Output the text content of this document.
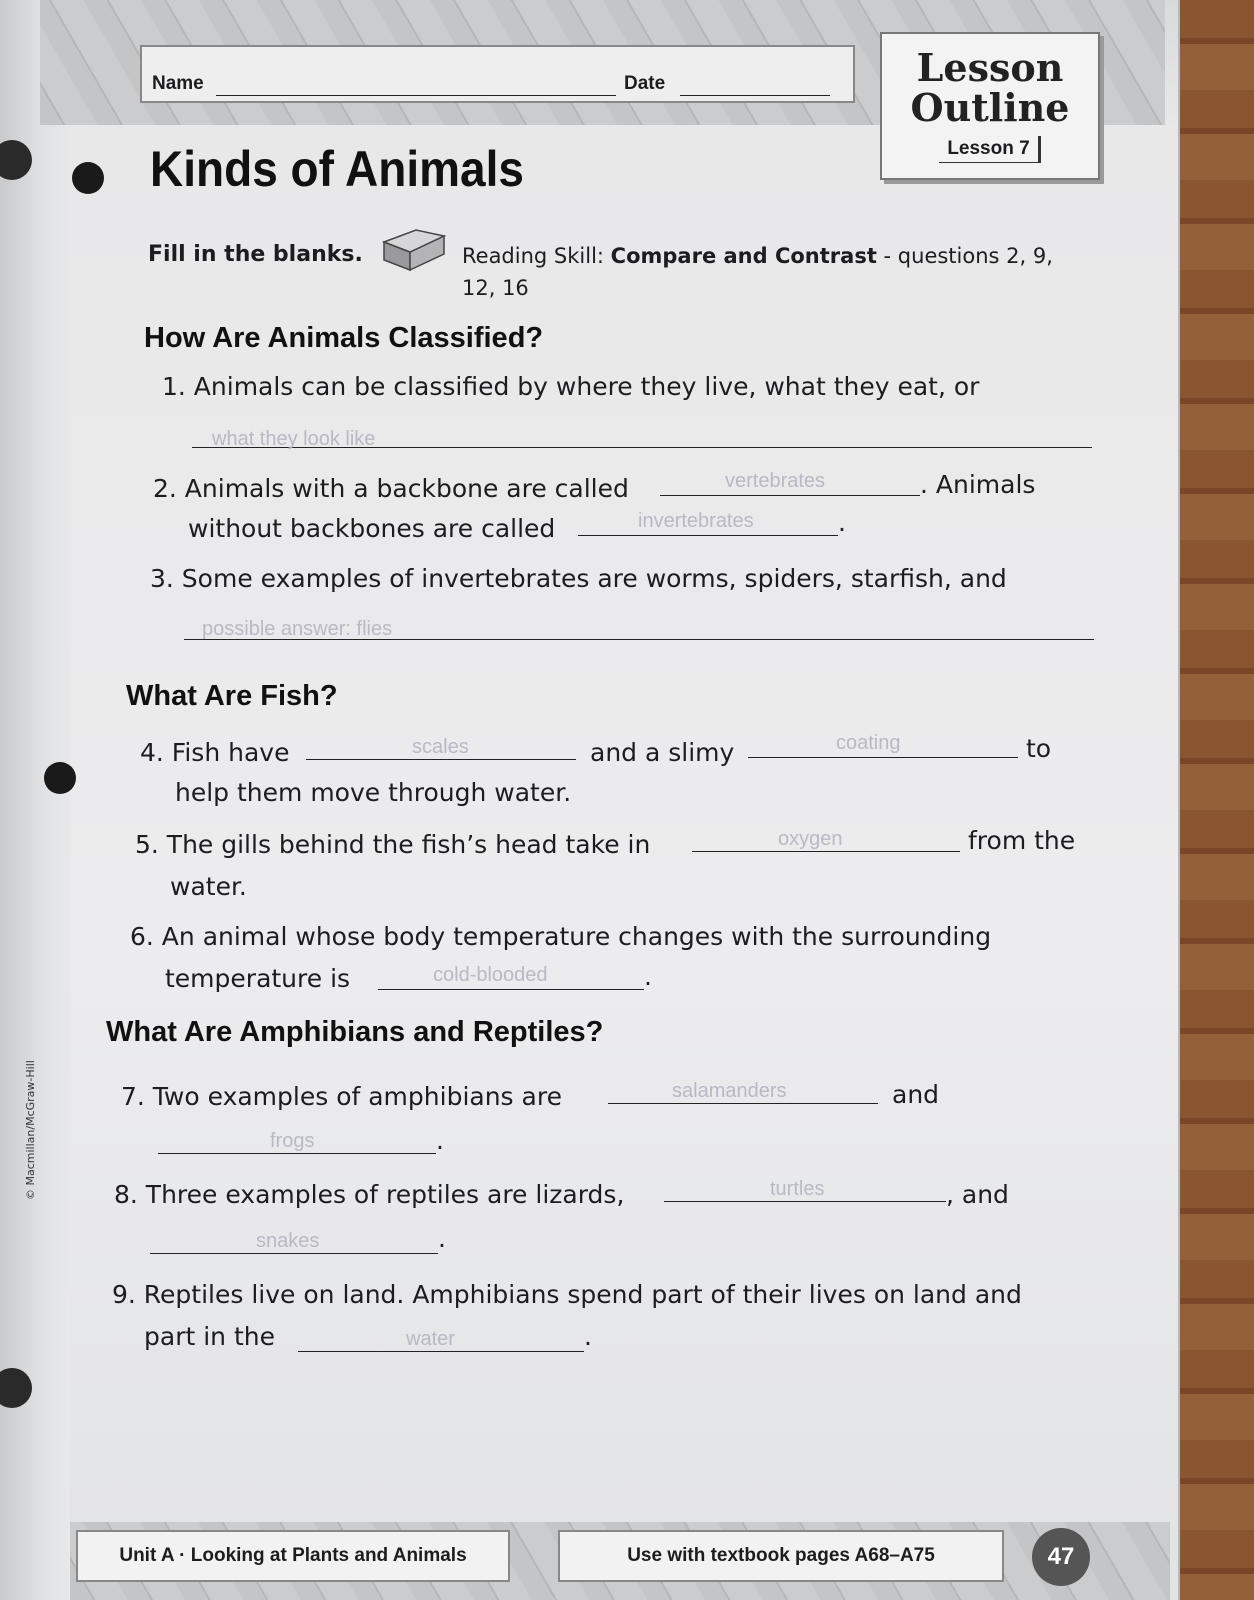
© Macmillan/McGraw-Hill
Name	Date	Lesson
Outline
Lesson 7
Kinds of Animals
Fill in the blanks.	Reading Skill: Compare and Contrast - questions 2, 9,
12, 16
How Are Animals Classified?
1. Animals can be classified by where they live, what they eat, or
what they look like
2. Animals with a backbone are called	vertebrates	. Animals
without backbones are called	invertebrates	.
3. Some examples of invertebrates are worms, spiders, starfish, and
possible answer: flies
What Are Fish?
4. Fish have	scales	and a slimy	coating	to
help them move through water.
5. The gills behind the fish’s head take in	oxygen	from the
water.
6. An animal whose body temperature changes with the surrounding
temperature is	cold-blooded	.
What Are Amphibians and Reptiles?
7. Two examples of amphibians are	salamanders	and
frogs	.
8. Three examples of reptiles are lizards,	turtles	, and
snakes	.
9. Reptiles live on land. Amphibians spend part of their lives on land and
part in the	water	.
Unit A · Looking at Plants and Animals	Use with textbook pages A68–A75	47
